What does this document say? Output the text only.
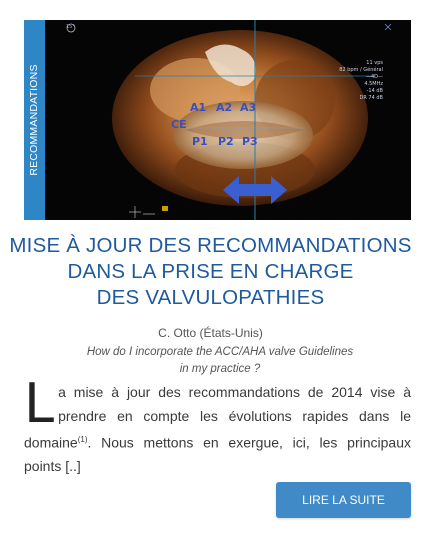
RECOMMANDATIONS
15°
11 vps
82 bpm / Général
—4D—
4.5MHz
-14 dB
DR 74 dB
A1 A2 A3
CE
P1 P2 P3
MISE À JOUR DES RECOMMANDATIONS
DANS LA PRISE EN CHARGE
DES VALVULOPATHIES
C. Otto (États-Unis)
How do I incorporate the ACC/AHA valve Guidelines
in my practice ?

La mise à jour des recommandations de 2014 vise à prendre en compte les évolutions rapides dans le domaine$^{(1)}$. Nous mettons en exergue, ici, les principaux points [..]

LIRE LA SUITE
